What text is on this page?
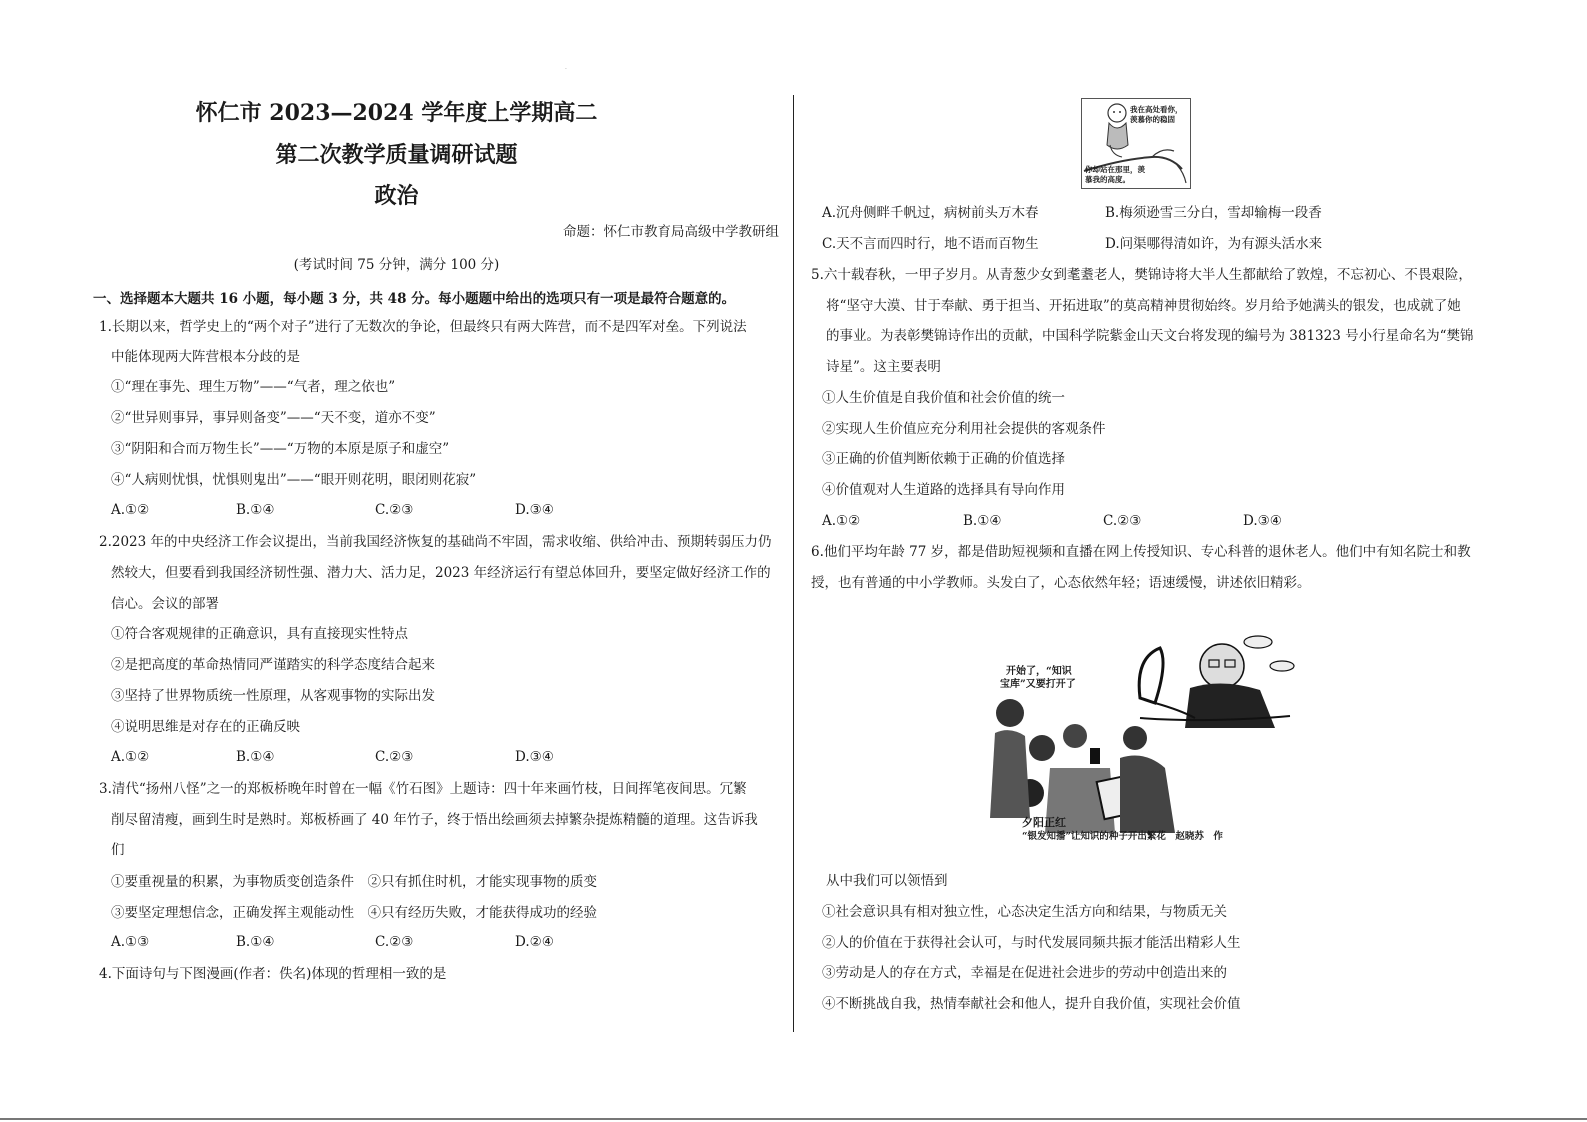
·
怀仁市 2023—2024 学年度上学期高二
第二次教学质量调研试题
政治
命题：怀仁市教育局高级中学教研组
(考试时间 75 分钟，满分 100 分)
一、选择题本大题共 16 小题，每小题 3 分，共 48 分。每小题题中给出的选项只有一项是最符合题意的。
1.长期以来，哲学史上的“两个对子”进行了无数次的争论，但最终只有两大阵营，而不是四军对垒。下列说法
中能体现两大阵营根本分歧的是
①“理在事先、理生万物”——“气者，理之依也”
②“世异则事异，事异则备变”——“天不变，道亦不变”
③“阴阳和合而万物生长”——“万物的本原是原子和虚空”
④“人病则忧惧，忧惧则鬼出”——“眼开则花明，眼闭则花寂”
A.①②	B.①④	C.②③	D.③④
2.2023 年的中央经济工作会议提出，当前我国经济恢复的基础尚不牢固，需求收缩、供给冲击、预期转弱压力仍
然较大，但要看到我国经济韧性强、潜力大、活力足，2023 年经济运行有望总体回升，要坚定做好经济工作的
信心。会议的部署
①符合客观规律的正确意识，具有直接现实性特点
②是把高度的革命热情同严谨踏实的科学态度结合起来
③坚持了世界物质统一性原理，从客观事物的实际出发
④说明思维是对存在的正确反映
A.①②	B.①④	C.②③	D.③④
3.清代“扬州八怪”之一的郑板桥晚年时曾在一幅《竹石图》上题诗：四十年来画竹枝，日间挥笔夜间思。冗繁
削尽留清瘦，画到生时是熟时。郑板桥画了 40 年竹子，终于悟出绘画须去掉繁杂提炼精髓的道理。这告诉我
们
①要重视量的积累，为事物质变创造条件　②只有抓住时机，才能实现事物的质变
③要坚定理想信念，正确发挥主观能动性　④只有经历失败，才能获得成功的经验
A.①③	B.①④	C.②③	D.②④
4.下面诗句与下图漫画(作者：佚名)体现的哲理相一致的是
我在高处看你，羡慕你的稳固
你却站在那里，羡慕我的高度。
A.沉舟侧畔千帆过，病树前头万木春	B.梅须逊雪三分白，雪却输梅一段香
C.天不言而四时行，地不语而百物生	D.问渠哪得清如许，为有源头活水来
5.六十载春秋，一甲子岁月。从青葱少女到耄耋老人，樊锦诗将大半人生都献给了敦煌，不忘初心、不畏艰险，
将“坚守大漠、甘于奉献、勇于担当、开拓进取”的莫高精神贯彻始终。岁月给予她满头的银发，也成就了她
的事业。为表彰樊锦诗作出的贡献，中国科学院紫金山天文台将发现的编号为 381323 号小行星命名为“樊锦
诗星”。这主要表明
①人生价值是自我价值和社会价值的统一
②实现人生价值应充分利用社会提供的客观条件
③正确的价值判断依赖于正确的价值选择
④价值观对人生道路的选择具有导向作用
A.①②	B.①④	C.②③	D.③④
6.他们平均年龄 77 岁，都是借助短视频和直播在网上传授知识、专心科普的退休老人。他们中有知名院士和教
授，也有普通的中小学教师。头发白了，心态依然年轻；语速缓慢，讲述依旧精彩。
开始了，“知识
宝库”又要打开了
夕阳正红
“银发知播”让知识的种子开出繁花　赵晓苏　作
从中我们可以领悟到
①社会意识具有相对独立性，心态决定生活方向和结果，与物质无关
②人的价值在于获得社会认可，与时代发展同频共振才能活出精彩人生
③劳动是人的存在方式，幸福是在促进社会进步的劳动中创造出来的
④不断挑战自我，热情奉献社会和他人，提升自我价值，实现社会价值
